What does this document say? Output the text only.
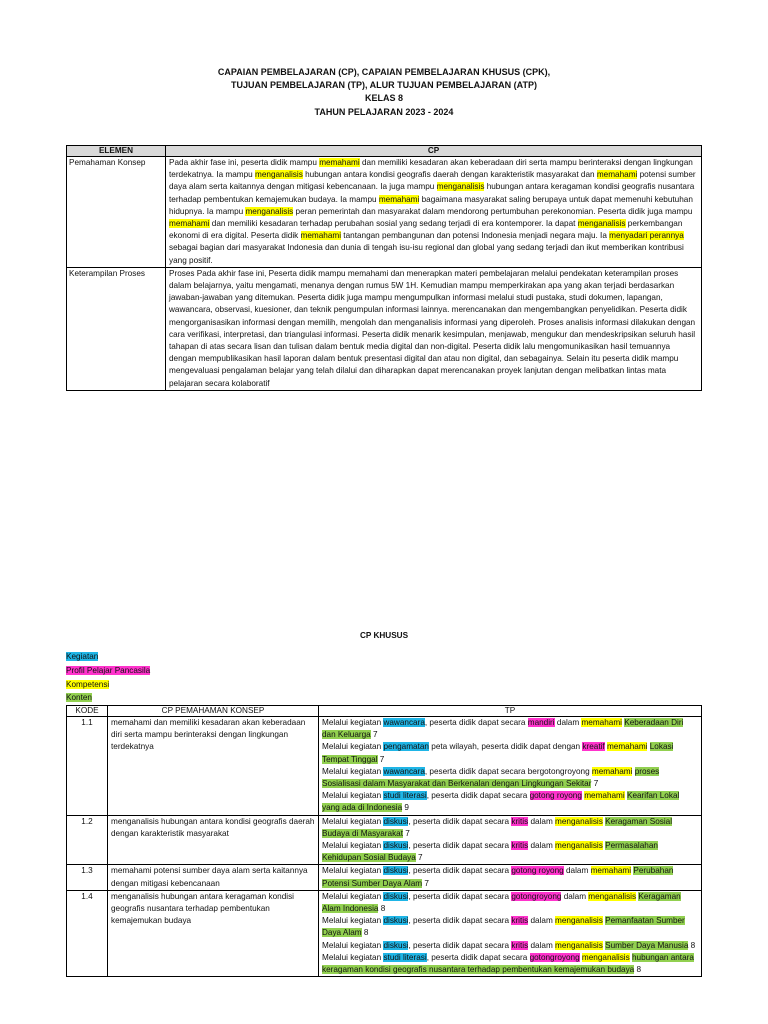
CAPAIAN PEMBELAJARAN (CP), CAPAIAN PEMBELAJARAN KHUSUS (CPK),
TUJUAN PEMBELAJARAN (TP), ALUR TUJUAN PEMBELAJARAN (ATP)
KELAS 8
TAHUN PELAJARAN 2023 - 2024
ELEMEN	CP
Pemahaman Konsep	Pada akhir fase ini, peserta didik mampu memahami dan memiliki kesadaran akan keberadaan diri serta mampu berinteraksi dengan lingkungan terdekatnya. Ia mampu menganalisis hubungan antara kondisi geografis daerah dengan karakteristik masyarakat dan memahami potensi sumber daya alam serta kaitannya dengan mitigasi kebencanaan. Ia juga mampu menganalisis hubungan antara keragaman kondisi geografis nusantara terhadap pembentukan kemajemukan budaya. Ia mampu memahami bagaimana masyarakat saling berupaya untuk dapat memenuhi kebutuhan hidupnya. Ia mampu menganalisis peran pemerintah dan masyarakat dalam mendorong pertumbuhan perekonomian. Peserta didik juga mampu memahami dan memiliki kesadaran terhadap perubahan sosial yang sedang terjadi di era kontemporer. Ia dapat menganalisis perkembangan ekonomi di era digital. Peserta didik memahami tantangan pembangunan dan potensi Indonesia menjadi negara maju. Ia menyadari perannya sebagai bagian dari masyarakat Indonesia dan dunia di tengah isu-isu regional dan global yang sedang terjadi dan ikut memberikan kontribusi yang positif.
Keterampilan Proses	Proses Pada akhir fase ini, Peserta didik mampu memahami dan menerapkan materi pembelajaran melalui pendekatan keterampilan proses dalam belajarnya, yaitu mengamati, menanya dengan rumus 5W 1H. Kemudian mampu memperkirakan apa yang akan terjadi berdasarkan jawaban-jawaban yang ditemukan. Peserta didik juga mampu mengumpulkan informasi melalui studi pustaka, studi dokumen, lapangan, wawancara, observasi, kuesioner, dan teknik pengumpulan informasi lainnya. merencanakan dan mengembangkan penyelidikan. Peserta didik mengorganisasikan informasi dengan memilih, mengolah dan menganalisis informasi yang diperoleh. Proses analisis informasi dilakukan dengan cara verifikasi, interpretasi, dan triangulasi informasi. Peserta didik menarik kesimpulan, menjawab, mengukur dan mendeskripsikan seluruh hasil tahapan di atas secara lisan dan tulisan dalam bentuk media digital dan non-digital. Peserta didik lalu mengomunikasikan hasil temuannya dengan mempublikasikan hasil laporan dalam bentuk presentasi digital dan atau non digital, dan sebagainya. Selain itu peserta didik mampu mengevaluasi pengalaman belajar yang telah dilalui dan diharapkan dapat merencanakan proyek lanjutan dengan melibatkan lintas mata pelajaran secara kolaboratif
CP KHUSUS
Kegiatan
Profil Pelajar Pancasila
Kompetensi
Konten
KODE	CP PEMAHAMAN KONSEP	TP
1.1	memahami dan memiliki kesadaran akan keberadaan diri serta mampu berinteraksi dengan lingkungan terdekatnya	Melalui kegiatan wawancara, peserta didik dapat secara mandiri dalam memahami Keberadaan Diri dan Keluarga 7
Melalui kegiatan pengamatan peta wilayah, peserta didik dapat dengan kreatif memahami Lokasi Tempat Tinggal 7
Melalui kegiatan wawancara, peserta didik dapat secara bergotongroyong memahami proses Sosialisasi dalam Masyarakat dan Berkenalan dengan Lingkungan Sekitar 7
Melalui kegiatan studi literasi, peserta didik dapat secara gotong royong memahami Kearifan Lokal yang ada di Indonesia 9

1.2	menganalisis hubungan antara kondisi geografis daerah dengan karakteristik masyarakat	Melalui kegiatan diskusi, peserta didik dapat secara kritis dalam menganalisis Keragaman Sosial Budaya di Masyarakat 7
Melalui kegiatan diskusi, peserta didik dapat secara kritis dalam menganalisis Permasalahan Kehidupan Sosial Budaya 7

1.3	memahami potensi sumber daya alam serta kaitannya dengan mitigasi kebencanaan	Melalui kegiatan diskusi, peserta didik dapat secara gotong royong dalam memahami Perubahan Potensi Sumber Daya Alam 7

1.4	menganalisis hubungan antara keragaman kondisi geografis nusantara terhadap pembentukan kemajemukan budaya	Melalui kegiatan diskusi, peserta didik dapat secara gotongroyong dalam menganalisis Keragaman Alam Indonesia 8
Melalui kegiatan diskusi, peserta didik dapat secara kritis dalam menganalisis Pemanfaatan Sumber Daya Alam 8
Melalui kegiatan diskusi, peserta didik dapat secara kritis dalam menganalisis Sumber Daya Manusia 8
Melalui kegiatan studi literasi, peserta didik dapat secara gotongroyong menganalisis hubungan antara keragaman kondisi geografis nusantara terhadap pembentukan kemajemukan budaya 8
